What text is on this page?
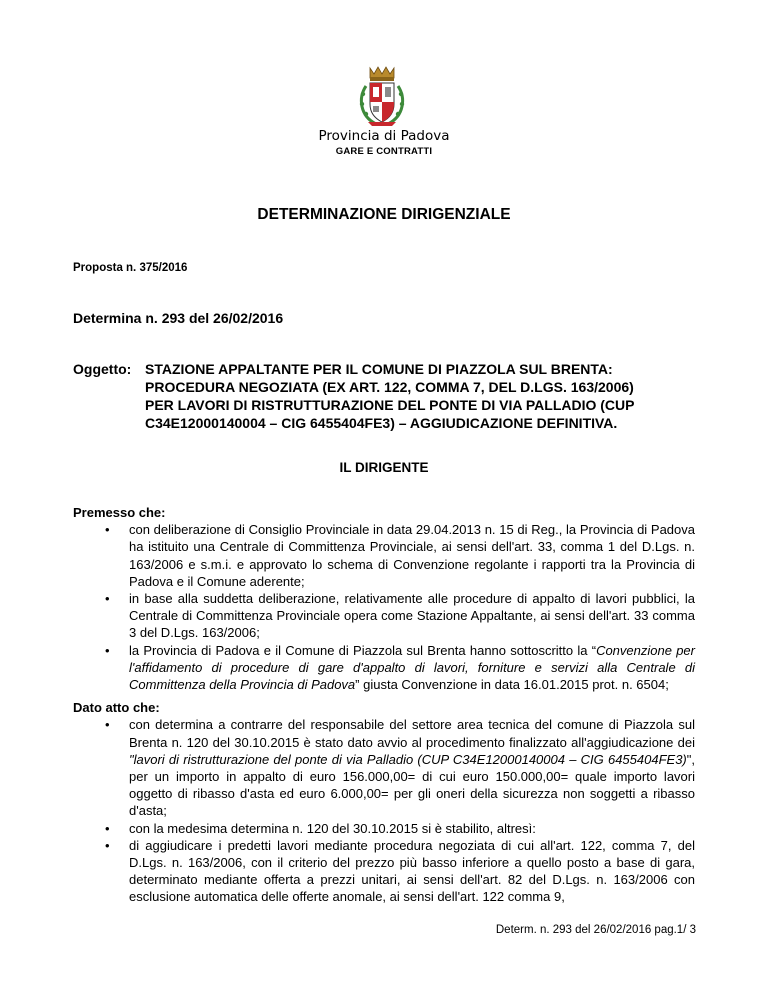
Provincia di Padova
GARE E CONTRATTI
DETERMINAZIONE DIRIGENZIALE
Proposta n. 375/2016
Determina n. 293 del 26/02/2016
Oggetto: STAZIONE APPALTANTE PER IL COMUNE DI PIAZZOLA SUL BRENTA:
PROCEDURA NEGOZIATA (EX ART. 122, COMMA 7, DEL D.LGS. 163/2006)
PER LAVORI DI RISTRUTTURAZIONE DEL PONTE DI VIA PALLADIO (CUP
C34E12000140004 – CIG 6455404FE3) – AGGIUDICAZIONE DEFINITIVA.
IL DIRIGENTE

Premesso che:

• con deliberazione di Consiglio Provinciale in data 29.04.2013 n. 15 di Reg., la Provincia di Padova ha istituito una Centrale di Committenza Provinciale, ai sensi dell'art. 33, comma 1 del D.Lgs. n. 163/2006 e s.m.i. e approvato lo schema di Convenzione regolante i rapporti tra la Provincia di Padova e il Comune aderente;
• in base alla suddetta deliberazione, relativamente alle procedure di appalto di lavori pubblici, la Centrale di Committenza Provinciale opera come Stazione Appaltante, ai sensi dell'art. 33 comma 3 del D.Lgs. 163/2006;
• la Provincia di Padova e il Comune di Piazzola sul Brenta hanno sottoscritto la “Convenzione per l'affidamento di procedure di gare d'appalto di lavori, forniture e servizi alla Centrale di Committenza della Provincia di Padova” giusta Convenzione in data 16.01.2015 prot. n. 6504;

Dato atto che:

• con determina a contrarre del responsabile del settore area tecnica del comune di Piazzola sul Brenta n. 120 del 30.10.2015 è stato dato avvio al procedimento finalizzato all'aggiudicazione dei "lavori di ristrutturazione del ponte di via Palladio (CUP C34E12000140004 – CIG 6455404FE3)", per un importo in appalto di euro 156.000,00= di cui euro 150.000,00= quale importo lavori oggetto di ribasso d'asta ed euro 6.000,00= per gli oneri della sicurezza non soggetti a ribasso d'asta;
• con la medesima determina n. 120 del 30.10.2015 si è stabilito, altresì:
• di aggiudicare i predetti lavori mediante procedura negoziata di cui all'art. 122, comma 7, del D.Lgs. n. 163/2006, con il criterio del prezzo più basso inferiore a quello posto a base di gara, determinato mediante offerta a prezzi unitari, ai sensi dell'art. 82 del D.Lgs. n. 163/2006 con esclusione automatica delle offerte anomale, ai sensi dell'art. 122 comma 9,
Determ. n. 293 del 26/02/2016 pag.1/ 3
